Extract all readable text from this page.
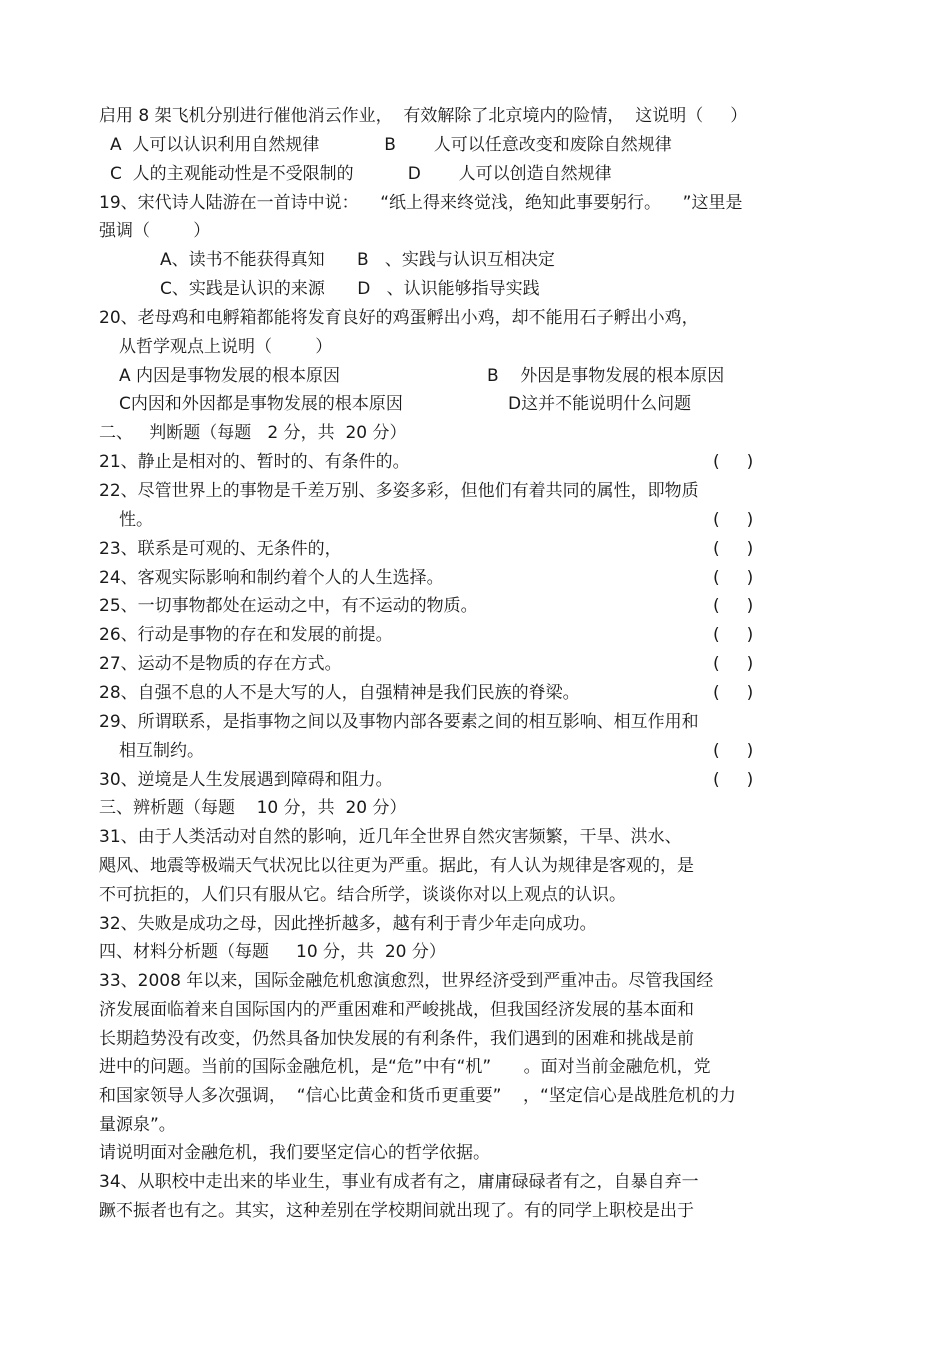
启用 8 架飞机分别进行催他消云作业，  有效解除了北京境内的险情，  这说明（     ）
A  人可以认识利用自然规律            B       人可以任意改变和废除自然规律
C  人的主观能动性是不受限制的          D       人可以创造自然规律
19、宋代诗人陆游在一首诗中说：    “纸上得来终觉浅，绝知此事要躬行。    ”这里是
强调（        ）
A、读书不能获得真知      B   、实践与认识互相决定
C、实践是认识的来源      D   、认识能够指导实践
20、老母鸡和电孵箱都能将发育良好的鸡蛋孵出小鸡，却不能用石子孵出小鸡，
从哲学观点上说明（        ）
A 内因是事物发展的根本原因	B    外因是事物发展的根本原因
C内因和外因都是事物发展的根本原因	D这并不能说明什么问题
二、   判断题（每题   2 分，共  20 分）
21、静止是相对的、暂时的、有条件的。	(     )
22、尽管世界上的事物是千差万别、多姿多彩，但他们有着共同的属性，即物质
性。	(     )
23、联系是可观的、无条件的，	(     )
24、客观实际影响和制约着个人的人生选择。	(     )
25、一切事物都处在运动之中，有不运动的物质。	(     )
26、行动是事物的存在和发展的前提。	(     )
27、运动不是物质的存在方式。	(     )
28、自强不息的人不是大写的人，自强精神是我们民族的脊梁。	(     )
29、所谓联系，是指事物之间以及事物内部各要素之间的相互影响、相互作用和
相互制约。	(     )
30、逆境是人生发展遇到障碍和阻力。	(     )
三、辨析题（每题    10 分，共  20 分）
31、由于人类活动对自然的影响，近几年全世界自然灾害频繁，干旱、洪水、
飓风、地震等极端天气状况比以往更为严重。据此，有人认为规律是客观的，是
不可抗拒的，人们只有服从它。结合所学，谈谈你对以上观点的认识。
32、失败是成功之母，因此挫折越多，越有利于青少年走向成功。
四、材料分析题（每题     10 分，共  20 分）
33、2008 年以来，国际金融危机愈演愈烈，世界经济受到严重冲击。尽管我国经
济发展面临着来自国际国内的严重困难和严峻挑战，但我国经济发展的基本面和
长期趋势没有改变，仍然具备加快发展的有利条件，我们遇到的困难和挑战是前
进中的问题。当前的国际金融危机，是“危”中有“机”      。面对当前金融危机，党
和国家领导人多次强调，  “信心比黄金和货币更重要”    ，“坚定信心是战胜危机的力
量源泉”。
请说明面对金融危机，我们要坚定信心的哲学依据。
34、从职校中走出来的毕业生，事业有成者有之，庸庸碌碌者有之，自暴自弃一
蹶不振者也有之。其实，这种差别在学校期间就出现了。有的同学上职校是出于
